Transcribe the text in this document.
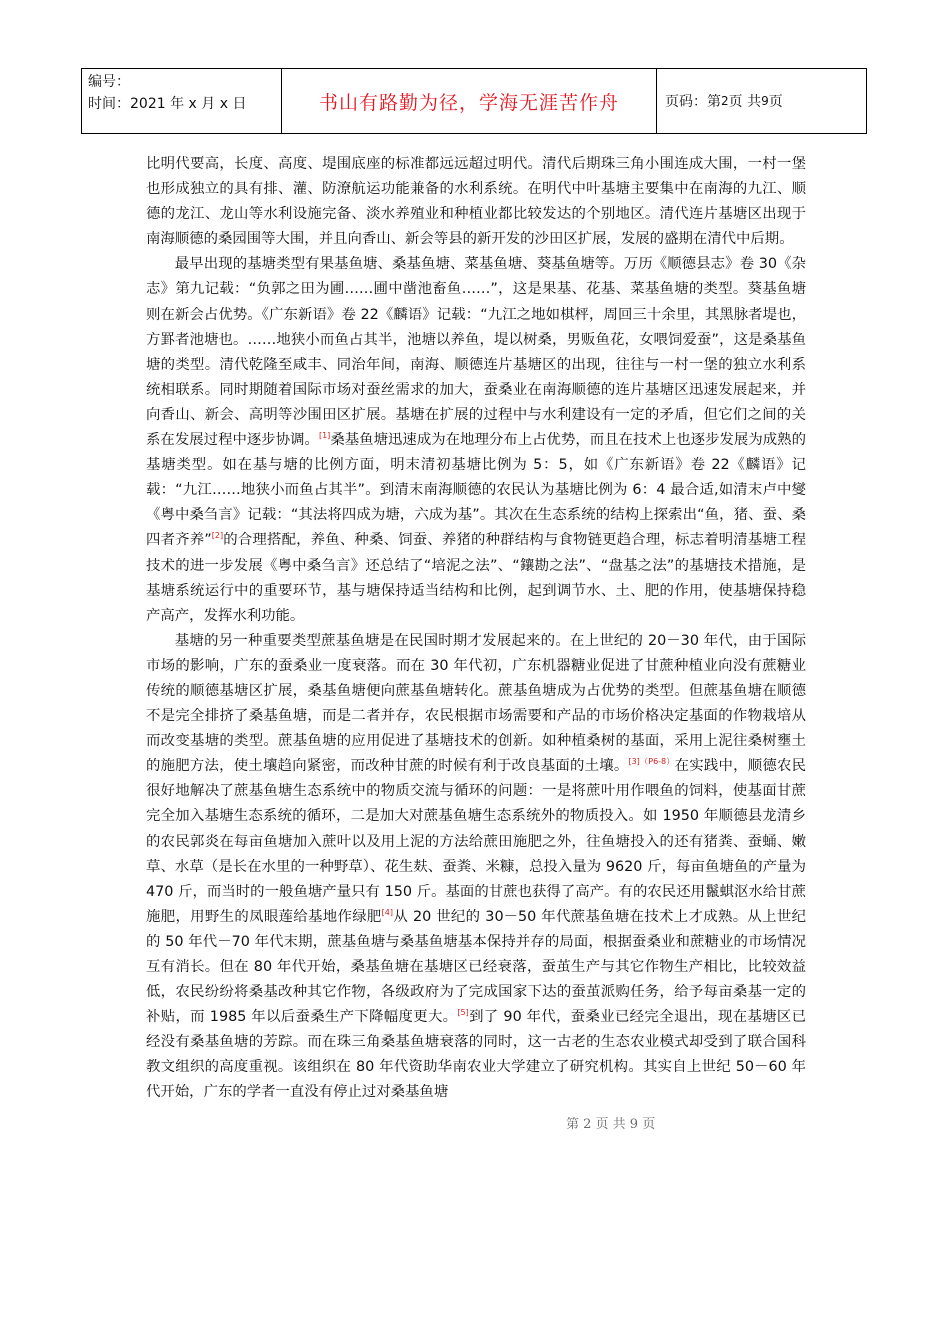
编号：
时间：2021 年 x 月 x 日	书山有路勤为径，学海无涯苦作舟	页码：第 2 页 共 9 页

比明代要高，长度、高度、堤围底座的标准都远远超过明代。清代后期珠三角小围连成大围，一村一堡也形成独立的具有排、灌、防潦航运功能兼备的水利系统。在明代中叶基塘主要集中在南海的九江、顺德的龙江、龙山等水利设施完备、淡水养殖业和种植业都比较发达的个别地区。清代连片基塘区出现于南海顺德的桑园围等大围，并且向香山、新会等县的新开发的沙田区扩展，发展的盛期在清代中后期。

最早出现的基塘类型有果基鱼塘、桑基鱼塘、菜基鱼塘、葵基鱼塘等。万历《顺德县志》卷 30《杂志》第九记载：“负郭之田为圃……圃中凿池畜鱼……”，这是果基、花基、菜基鱼塘的类型。葵基鱼塘则在新会占优势。《广东新语》卷 22《麟语》记载：“九江之地如棋枰，周回三十余里，其黑脉者堤也，方罫者池塘也。……地狭小而鱼占其半，池塘以养鱼，堤以树桑，男贩鱼花，女喂饲爱蚕”，这是桑基鱼塘的类型。清代乾隆至咸丰、同治年间，南海、顺德连片基塘区的出现，往往与一村一堡的独立水利系统相联系。同时期随着国际市场对蚕丝需求的加大，蚕桑业在南海顺德的连片基塘区迅速发展起来，并向香山、新会、高明等沙围田区扩展。基塘在扩展的过程中与水利建设有一定的矛盾，但它们之间的关系在发展过程中逐步协调。[1]桑基鱼塘迅速成为在地理分布上占优势，而且在技术上也逐步发展为成熟的基塘类型。如在基与塘的比例方面，明末清初基塘比例为 5：5，如《广东新语》卷 22《麟语》记载：“九江……地狭小而鱼占其半”。到清末南海顺德的农民认为基塘比例为 6：4 最合适,如清末卢中燮《粤中桑刍言》记载：“其法将四成为塘，六成为基”。其次在生态系统的结构上探索出“鱼，猪、蚕、桑四者齐养”[2]的合理搭配，养鱼、种桑、饲蚕、养猪的种群结构与食物链更趋合理，标志着明清基塘工程技术的进一步发展《粤中桑刍言》还总结了“培泥之法”、“鑲勘之法”、“盘基之法”的基塘技术措施，是基塘系统运行中的重要环节，基与塘保持适当结构和比例，起到调节水、土、肥的作用，使基塘保持稳产高产，发挥水利功能。

基塘的另一种重要类型蔗基鱼塘是在民国时期才发展起来的。在上世纪的 20－30 年代，由于国际市场的影响，广东的蚕桑业一度衰落。而在 30 年代初，广东机器糖业促进了甘蔗种植业向没有蔗糖业传统的顺德基塘区扩展，桑基鱼塘便向蔗基鱼塘转化。蔗基鱼塘成为占优势的类型。但蔗基鱼塘在顺德不是完全排挤了桑基鱼塘，而是二者并存，农民根据市场需要和产品的市场价格决定基面的作物栽培从而改变基塘的类型。蔗基鱼塘的应用促进了基塘技术的创新。如种植桑树的基面，采用上泥往桑树壅土的施肥方法，使土壤趋向紧密，而改种甘蔗的时候有利于改良基面的土壤。$^{[3](P6-8)}$在实践中，顺德农民很好地解决了蔗基鱼塘生态系统中的物质交流与循环的问题：一是将蔗叶用作喂鱼的饲料，使基面甘蔗完全加入基塘生态系统的循环，二是加大对蔗基鱼塘生态系统外的物质投入。如 1950 年顺德县龙清乡的农民郭炎在每亩鱼塘加入蔗叶以及用上泥的方法给蔗田施肥之外，往鱼塘投入的还有猪粪、蚕蛹、嫩草、水草（是长在水里的一种野草）、花生麸、蚕粪、米糠，总投入量为 9620 斤，每亩鱼塘鱼的产量为 470 斤，而当时的一般鱼塘产量只有 150 斤。基面的甘蔗也获得了高产。有的农民还用鬣蜞沤水给甘蔗施肥，用野生的凤眼莲给基地作绿肥[4]从 20 世纪的 30－50 年代蔗基鱼塘在技术上才成熟。从上世纪的 50 年代－70 年代末期，蔗基鱼塘与桑基鱼塘基本保持并存的局面，根据蚕桑业和蔗糖业的市场情况互有消长。但在 80 年代开始，桑基鱼塘在基塘区已经衰落，蚕茧生产与其它作物生产相比，比较效益低，农民纷纷将桑基改种其它作物，各级政府为了完成国家下达的蚕茧派购任务，给予每亩桑基一定的补贴，而 1985 年以后蚕桑生产下降幅度更大。[5]到了 90 年代，蚕桑业已经完全退出，现在基塘区已经没有桑基鱼塘的芳踪。而在珠三角桑基鱼塘衰落的同时，这一古老的生态农业模式却受到了联合国科教文组织的高度重视。该组织在 80 年代资助华南农业大学建立了研究机构。其实自上世纪 50－60 年代开始，广东的学者一直没有停止过对桑基鱼塘

第 2 页 共 9 页
